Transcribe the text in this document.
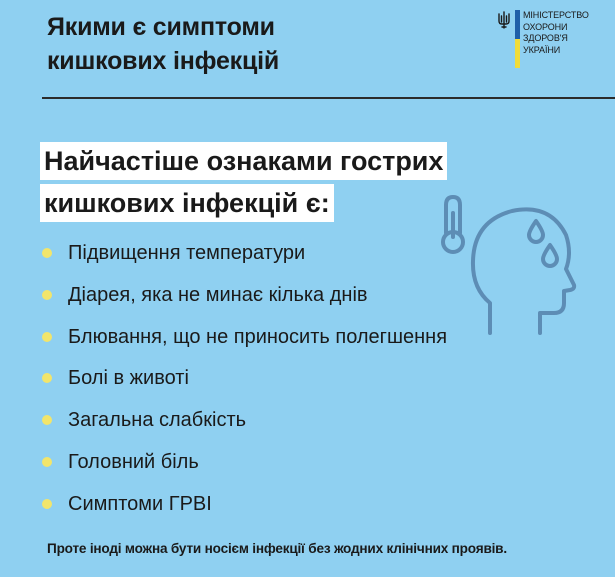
Якими є симптоми
кишкових інфекцій
МІНІСТЕРСТВО
ОХОРОНИ
ЗДОРОВ'Я
УКРАЇНИ
Найчастіше ознаками гострих
кишкових інфекцій є:
Підвищення температури
Діарея, яка не минає кілька днів
Блювання, що не приносить полегшення
Болі в животі
Загальна слабкість
Головний біль
Симптоми ГРВІ
Проте іноді можна бути носієм інфекції без жодних клінічних проявів.
